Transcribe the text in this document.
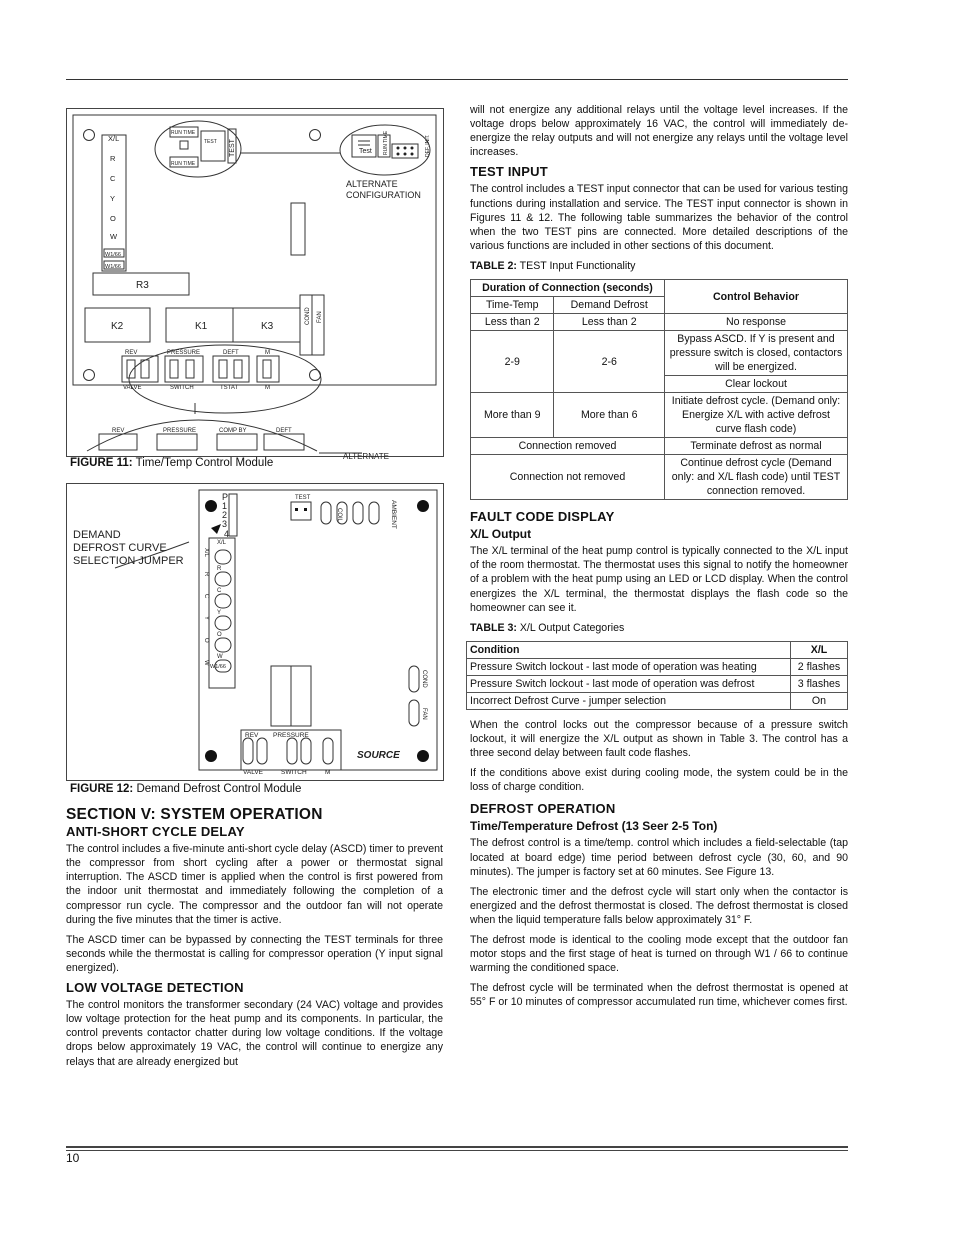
X/L
R
C
Y
O
W
W1/66
W1/66
RUN TIME
RUN TIME
TEST
Test
ALTERNATE
CONFIGURATION
R3
K2	K1	K3
REV	PRESSURE	DEFT	M
VALVE	SWITCH	TSTAT	M
REV	PRESSURE	COMP BY	DEFT
ALTERNATE
COND FAN
TEST	RUN TIME	DEF. INIT.
FIGURE 11: Time/Temp Control Module
DEMAND
DEFROST CURVE
SELECTION JUMPER
P
1
2
3
4
TEST
X/L
R
C
Y
O
W
W1/66
REV PRESSURE
VALVE	SWITCH	M
SOURCE
X/L
R
C
Y
O
W
COIL	AMBIENT
COND
FAN
FIGURE 12: Demand Defrost Control Module
SECTION V: SYSTEM OPERATION
ANTI-SHORT CYCLE DELAY

The control includes a five-minute anti-short cycle delay (ASCD) timer to prevent the compressor from short cycling after a power or thermostat signal interruption. The ASCD timer is applied when the control is first powered from the indoor unit thermostat and immediately following the completion of a compressor run cycle. The compressor and the outdoor fan will not operate during the five minutes that the timer is active.

The ASCD timer can be bypassed by connecting the TEST terminals for three seconds while the thermostat is calling for compressor operation (Y input signal energized).

LOW VOLTAGE DETECTION

The control monitors the transformer secondary (24 VAC) voltage and provides low voltage protection for the heat pump and its components. In particular, the control prevents contactor chatter during low voltage conditions. If the voltage drops below approximately 19 VAC, the control will continue to energize any relays that are already energized but

will not energize any additional relays until the voltage level increases. If the voltage drops below approximately 16 VAC, the control will immediately de-energize the relay outputs and will not energize any relays until the voltage level increases.

TEST INPUT

The control includes a TEST input connector that can be used for various testing functions during installation and service. The TEST input connector is shown in Figures 11 & 12. The following table summarizes the behavior of the control when the two TEST pins are connected. More detailed descriptions of the various functions are included in other sections of this document.

TABLE 2: TEST Input Functionality

Duration of Connection (seconds)		Control Behavior
Time-Temp	Demand Defrost	
Less than 2	Less than 2	No response
2-9	2-6	Bypass ASCD. If Y is present and pressure switch is closed, contactors will be energized.
		Clear lockout
More than 9	More than 6	Initiate defrost cycle. (Demand only: Energize X/L with active defrost curve flash code)
Connection removed		Terminate defrost as normal
Connection not removed		Continue defrost cycle (Demand only: and X/L flash code) until TEST connection removed.
FAULT CODE DISPLAY
X/L Output

The X/L terminal of the heat pump control is typically connected to the X/L input of the room thermostat. The thermostat uses this signal to notify the homeowner of a problem with the heat pump using an LED or LCD display. When the control energizes the X/L terminal, the thermostat displays the flash code so the homeowner can see it.

TABLE 3: X/L Output Categories

Condition	X/L
Pressure Switch lockout - last mode of operation was heating	2 flashes
Pressure Switch lockout - last mode of operation was defrost	3 flashes
Incorrect Defrost Curve - jumper selection	On

When the control locks out the compressor because of a pressure switch lockout, it will energize the X/L output as shown in Table 3. The control has a three second delay between fault code flashes.

If the conditions above exist during cooling mode, the system could be in the loss of charge condition.

DEFROST OPERATION
Time/Temperature Defrost (13 Seer 2-5 Ton)

The defrost control is a time/temp. control which includes a field-selectable (tap located at board edge) time period between defrost cycle (30, 60, and 90 minutes). The jumper is factory set at 60 minutes. See Figure 13.

The electronic timer and the defrost cycle will start only when the contactor is energized and the defrost thermostat is closed. The defrost thermostat is closed when the liquid temperature falls below approximately 31° F.

The defrost mode is identical to the cooling mode except that the outdoor fan motor stops and the first stage of heat is turned on through W1 / 66 to continue warming the conditioned space.

The defrost cycle will be terminated when the defrost thermostat is opened at 55° F or 10 minutes of compressor accumulated run time, whichever comes first.

10
